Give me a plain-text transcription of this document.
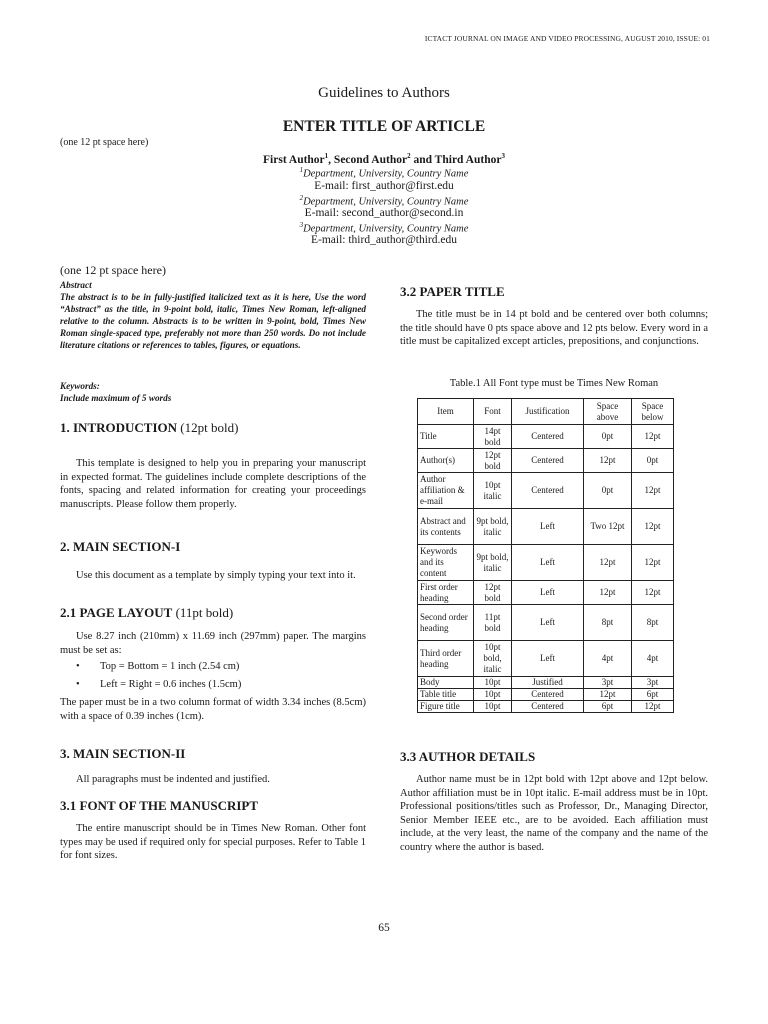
ICTACT JOURNAL ON IMAGE AND VIDEO PROCESSING, AUGUST 2010, ISSUE: 01
Guidelines to Authors
ENTER TITLE OF ARTICLE
(one 12 pt space here)
First Author$^1$, Second Author$^2$ and Third Author$^3$
$^1$Department, University, Country Name
E-mail: first_author@first.edu
$^2$Department, University, Country Name
E-mail: second_author@second.in
$^3$Department, University, Country Name
E-mail: third_author@third.edu
(one 12 pt space here)
Abstract
The abstract is to be in fully-justified italicized text as it is here, Use the word “Abstract” as the title, in 9-point bold, italic, Times New Roman, left-aligned relative to the column. Abstracts is to be written in 9-point, bold, Times New Roman single-spaced type, preferably not more than 250 words. Do not include literature citations or references to tables, figures, or equations.
Keywords:
Include maximum of 5 words
1. INTRODUCTION (12pt bold)
This template is designed to help you in preparing your manuscript in expected format. The guidelines include complete descriptions of the fonts, spacing and related information for creating your proceedings manuscripts. Please follow them properly.
2. MAIN SECTION-I
Use this document as a template by simply typing your text into it.
2.1 PAGE LAYOUT (11pt bold)
Use 8.27 inch (210mm) x 11.69 inch (297mm) paper. The margins must be set as:
• Top = Bottom = 1 inch (2.54 cm)
• Left = Right = 0.6 inches (1.5cm)
The paper must be in a two column format of width 3.34 inches (8.5cm) with a space of 0.39 inches (1cm).
3. MAIN SECTION-II
All paragraphs must be indented and justified.
3.1 FONT OF THE MANUSCRIPT
The entire manuscript should be in Times New Roman. Other font types may be used if required only for special purposes. Refer to Table 1 for font sizes.
3.2 PAPER TITLE
The title must be in 14 pt bold and be centered over both columns; the title should have 0 pts space above and 12 pts below. Every word in a title must be capitalized except articles, prepositions, and conjunctions.
Table.1 All Font type must be Times New Roman
Item	Font	Justification	Space above	Space below
Title	14pt bold	Centered	0pt	12pt
Author(s)	12pt bold	Centered	12pt	0pt
Author affiliation & e-mail	10pt italic	Centered	0pt	12pt
Abstract and its contents	9pt bold, italic	Left	Two 12pt	12pt
Keywords and its content	9pt bold, italic	Left	12pt	12pt
First order heading	12pt bold	Left	12pt	12pt
Second order heading	11pt bold	Left	8pt	8pt
Third order heading	10pt bold, italic	Left	4pt	4pt
Body	10pt	Justified	3pt	3pt
Table title	10pt	Centered	12pt	6pt
Figure title	10pt	Centered	6pt	12pt
3.3 AUTHOR DETAILS
Author name must be in 12pt bold with 12pt above and 12pt below. Author affiliation must be in 10pt italic. E-mail address must be in 10pt. Professional positions/titles such as Professor, Dr., Managing Director, Senior Member IEEE etc., are to be avoided. Each affiliation must include, at the very least, the name of the company and the name of the country where the author is based.
65
